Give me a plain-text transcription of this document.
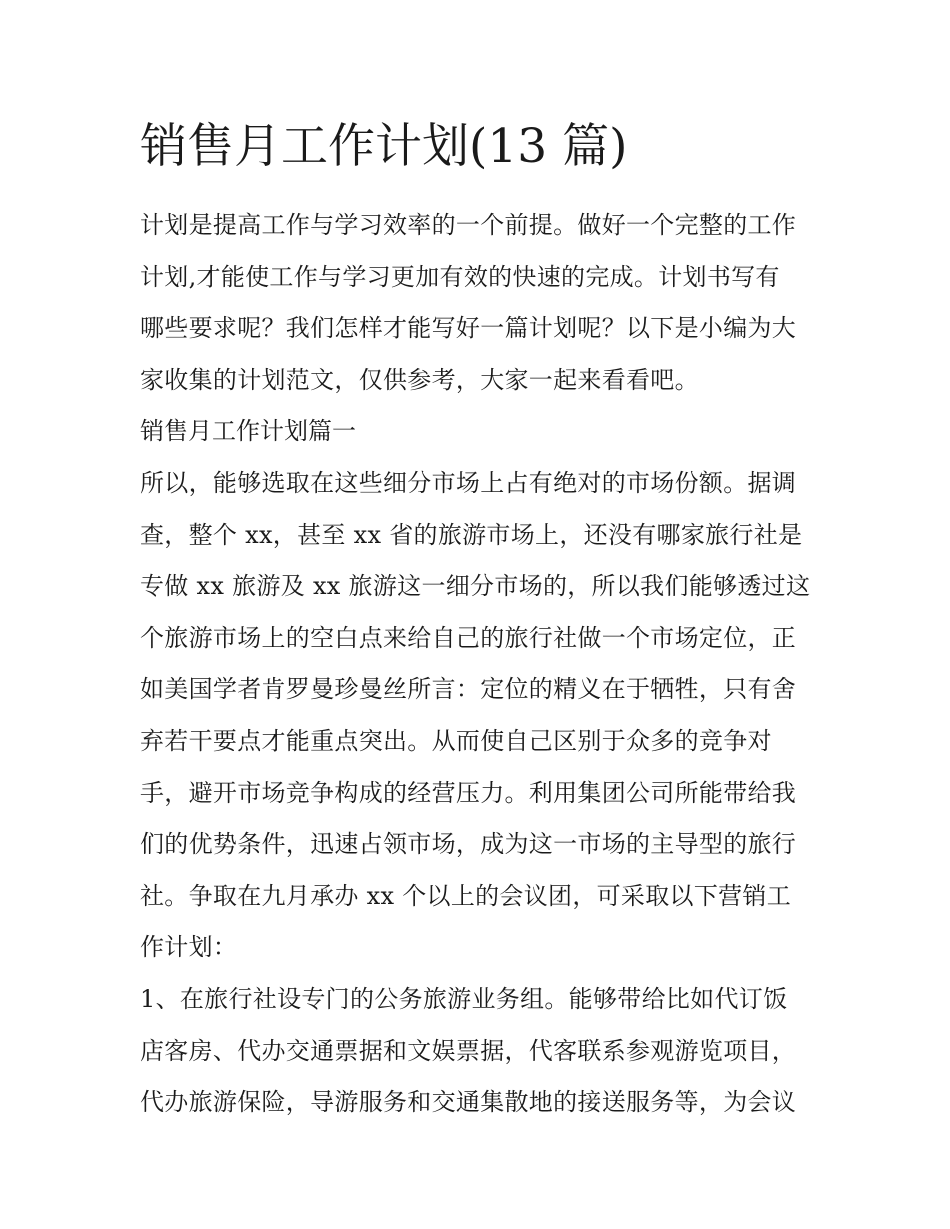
销售月工作计划(13 篇)

计划是提高工作与学习效率的一个前提。做好一个完整的工作
计划,才能使工作与学习更加有效的快速的完成。计划书写有
哪些要求呢？我们怎样才能写好一篇计划呢？以下是小编为大
家收集的计划范文，仅供参考，大家一起来看看吧。

销售月工作计划篇一

所以，能够选取在这些细分市场上占有绝对的市场份额。据调
查，整个 xx，甚至 xx 省的旅游市场上，还没有哪家旅行社是
专做 xx 旅游及 xx 旅游这一细分市场的，所以我们能够透过这
个旅游市场上的空白点来给自己的旅行社做一个市场定位，正
如美国学者肯罗曼珍曼丝所言：定位的精义在于牺牲，只有舍
弃若干要点才能重点突出。从而使自己区别于众多的竞争对
手，避开市场竞争构成的经营压力。利用集团公司所能带给我
们的优势条件，迅速占领市场，成为这一市场的主导型的旅行
社。争取在九月承办 xx 个以上的会议团，可采取以下营销工
作计划：

1、在旅行社设专门的公务旅游业务组。能够带给比如代订饭
店客房、代办交通票据和文娱票据，代客联系参观游览项目，
代办旅游保险，导游服务和交通集散地的接送服务等，为会议
